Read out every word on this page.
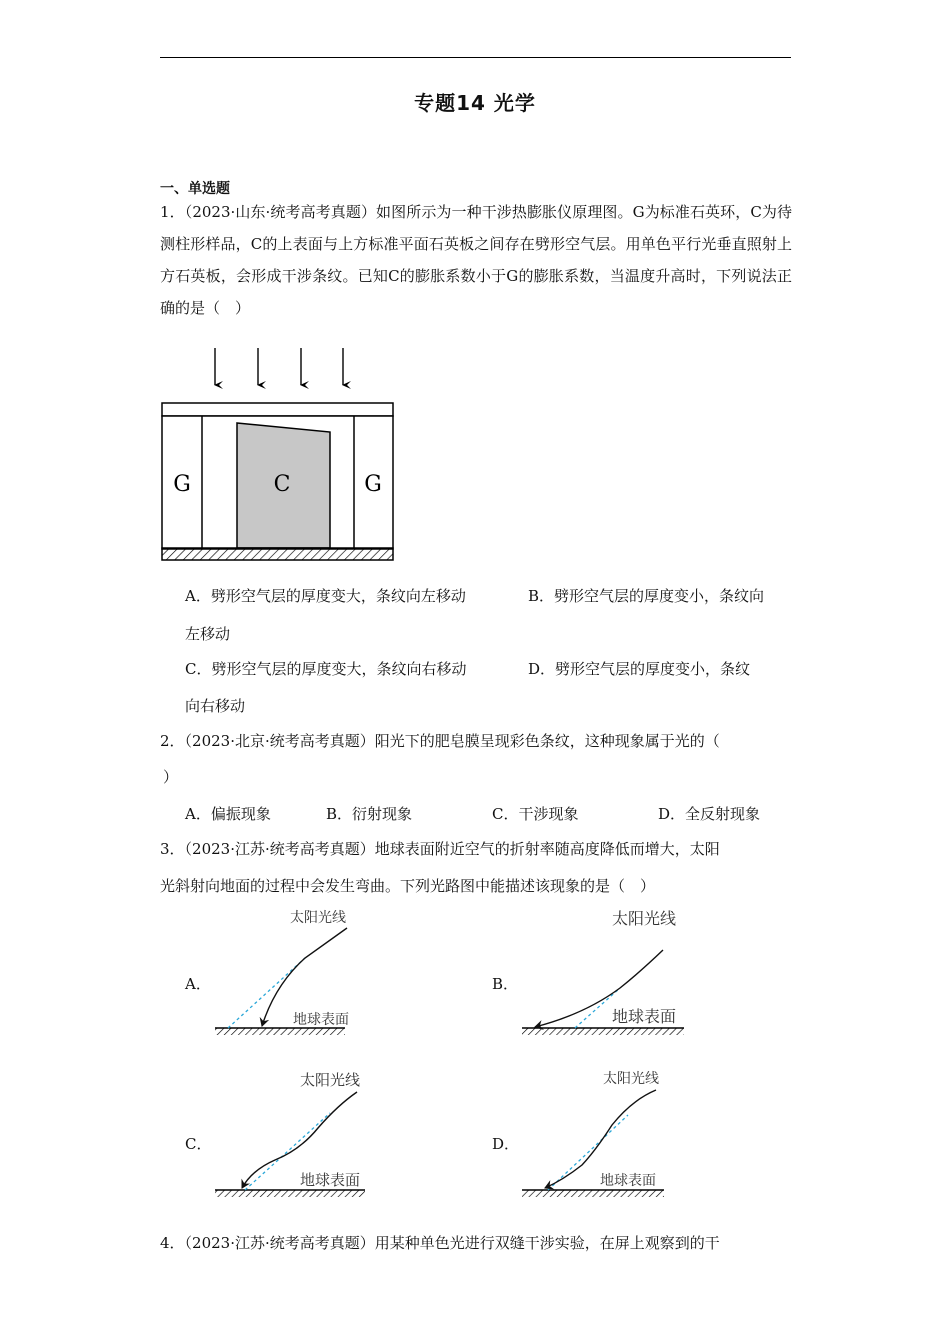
专题14 光学
一、单选题
1．（2023·山东·统考高考真题）如图所示为一种干涉热膨胀仪原理图。G为标准石英环，C为待测柱形样品，C的上表面与上方标准平面石英板之间存在劈形空气层。用单色平行光垂直照射上方石英板，会形成干涉条纹。已知C的膨胀系数小于G的膨胀系数，当温度升高时，下列说法正确的是（　）
G	C	G
A．劈形空气层的厚度变大，条纹向左移动	B．劈形空气层的厚度变小，条纹向
左移动
C．劈形空气层的厚度变大，条纹向右移动	D．劈形空气层的厚度变小，条纹
向右移动
2．（2023·北京·统考高考真题）阳光下的肥皂膜呈现彩色条纹，这种现象属于光的（
）
A．偏振现象	B．衍射现象	C．干涉现象	D．全反射现象
3．（2023·江苏·统考高考真题）地球表面附近空气的折射率随高度降低而增大，太阳
光斜射向地面的过程中会发生弯曲。下列光路图中能描述该现象的是（　）
A．	B．
C．	D．
太阳光线
地球表面
太阳光线
地球表面
太阳光线
地球表面
太阳光线
地球表面
4．（2023·江苏·统考高考真题）用某种单色光进行双缝干涉实验，在屏上观察到的干
